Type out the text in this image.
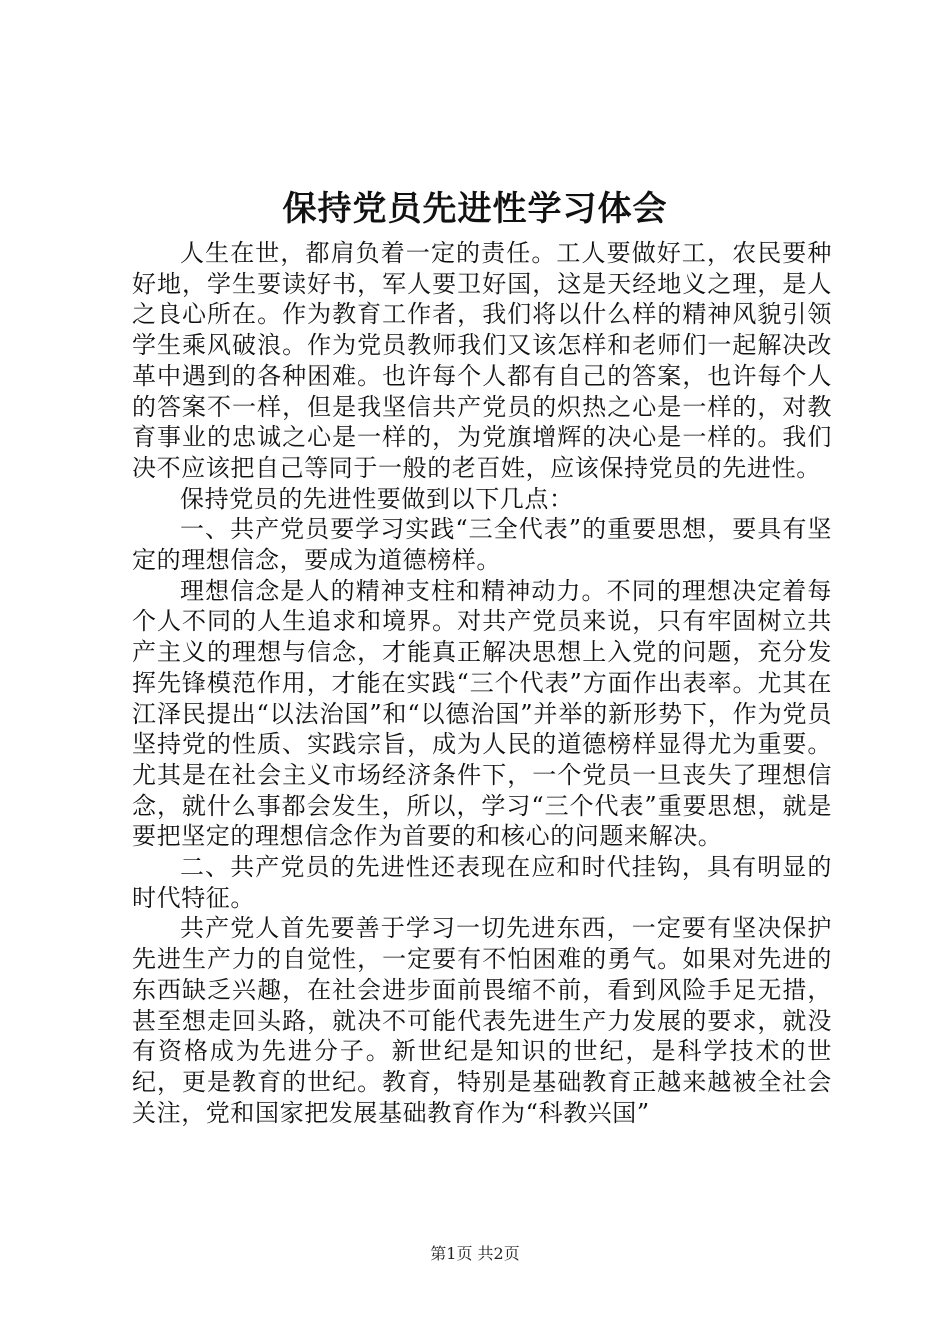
保持党员先进性学习体会

人生在世，都肩负着一定的责任。工人要做好工，农民要种好地，学生要读好书，军人要卫好国，这是天经地义之理，是人之良心所在。作为教育工作者，我们将以什么样的精神风貌引领学生乘风破浪。作为党员教师我们又该怎样和老师们一起解决改革中遇到的各种困难。也许每个人都有自己的答案，也许每个人的答案不一样，但是我坚信共产党员的炽热之心是一样的，对教育事业的忠诚之心是一样的，为党旗增辉的决心是一样的。我们决不应该把自己等同于一般的老百姓，应该保持党员的先进性。

保持党员的先进性要做到以下几点：

一、共产党员要学习实践“三全代表”的重要思想，要具有坚定的理想信念，要成为道德榜样。

理想信念是人的精神支柱和精神动力。不同的理想决定着每个人不同的人生追求和境界。对共产党员来说，只有牢固树立共产主义的理想与信念，才能真正解决思想上入党的问题，充分发挥先锋模范作用，才能在实践“三个代表”方面作出表率。尤其在江泽民提出“以法治国”和“以德治国”并举的新形势下，作为党员坚持党的性质、实践宗旨，成为人民的道德榜样显得尤为重要。尤其是在社会主义市场经济条件下，一个党员一旦丧失了理想信念，就什么事都会发生，所以，学习“三个代表”重要思想，就是要把坚定的理想信念作为首要的和核心的问题来解决。

二、共产党员的先进性还表现在应和时代挂钩，具有明显的时代特征。

共产党人首先要善于学习一切先进东西，一定要有坚决保护先进生产力的自觉性，一定要有不怕困难的勇气。如果对先进的东西缺乏兴趣，在社会进步面前畏缩不前，看到风险手足无措，甚至想走回头路，就决不可能代表先进生产力发展的要求，就没有资格成为先进分子。新世纪是知识的世纪，是科学技术的世纪，更是教育的世纪。教育，特别是基础教育正越来越被全社会关注，党和国家把发展基础教育作为“科教兴国”

第1页 共2页
